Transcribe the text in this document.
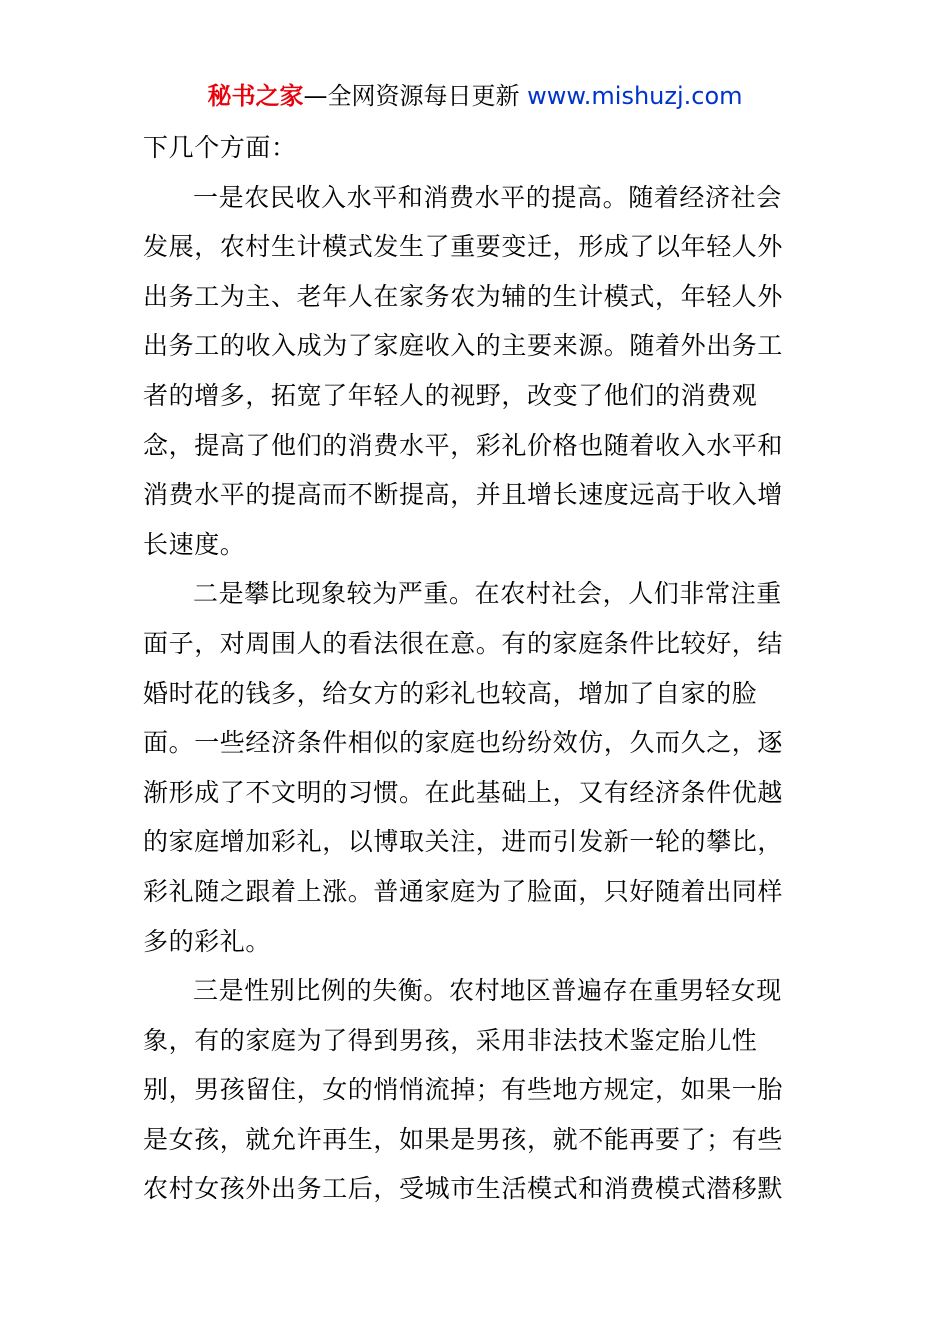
秘书之家—全网资源每日更新 www.mishuzj.com
下几个方面：
一是农民收入水平和消费水平的提高。随着经济社会
发展，农村生计模式发生了重要变迁，形成了以年轻人外
出务工为主、老年人在家务农为辅的生计模式，年轻人外
出务工的收入成为了家庭收入的主要来源。随着外出务工
者的增多，拓宽了年轻人的视野，改变了他们的消费观
念，提高了他们的消费水平，彩礼价格也随着收入水平和
消费水平的提高而不断提高，并且增长速度远高于收入增
长速度。
二是攀比现象较为严重。在农村社会，人们非常注重
面子，对周围人的看法很在意。有的家庭条件比较好，结
婚时花的钱多，给女方的彩礼也较高，增加了自家的脸
面。一些经济条件相似的家庭也纷纷效仿，久而久之，逐
渐形成了不文明的习惯。在此基础上，又有经济条件优越
的家庭增加彩礼，以博取关注，进而引发新一轮的攀比，
彩礼随之跟着上涨。普通家庭为了脸面，只好随着出同样
多的彩礼。
三是性别比例的失衡。农村地区普遍存在重男轻女现
象，有的家庭为了得到男孩，采用非法技术鉴定胎儿性
别，男孩留住，女的悄悄流掉；有些地方规定，如果一胎
是女孩，就允许再生，如果是男孩，就不能再要了；有些
农村女孩外出务工后，受城市生活模式和消费模式潜移默
